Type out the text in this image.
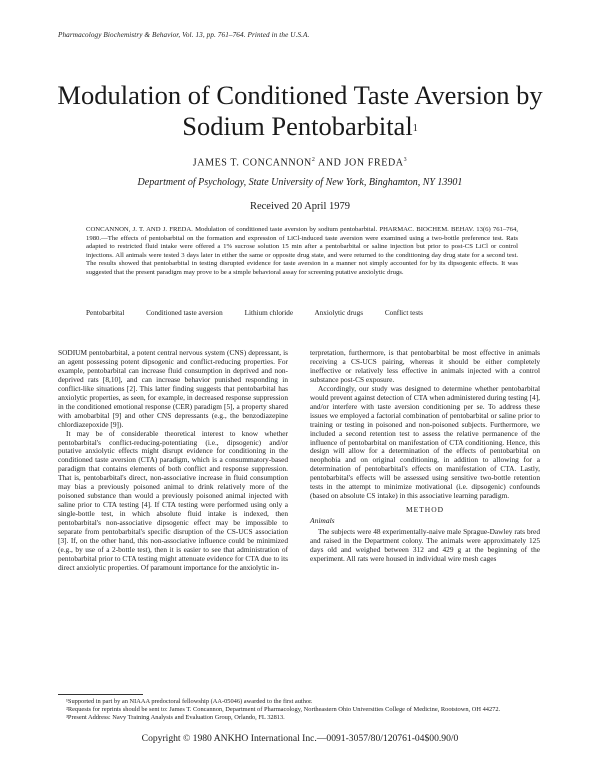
Pharmacology Biochemistry & Behavior, Vol. 13, pp. 761–764. Printed in the U.S.A.
Modulation of Conditioned Taste Aversion by
Sodium Pentobarbital$^1$
JAMES T. CONCANNON$^2$ AND JON FREDA$^3$
Department of Psychology, State University of New York, Binghamton, NY 13901
Received 20 April 1979

CONCANNON, J. T. AND J. FREDA. Modulation of conditioned taste aversion by sodium pentobarbital. PHARMAC. BIOCHEM. BEHAV. 13(6) 761–764, 1980.—The effects of pentobarbital on the formation and expression of LiCl-induced taste aversion were examined using a two-bottle preference test. Rats adapted to restricted fluid intake were offered a 1% sucrose solution 15 min after a pentobarbital or saline injection but prior to post-CS LiCl or control injections. All animals were tested 3 days later in either the same or opposite drug state, and were returned to the conditioning day drug state for a second test. The results showed that pentobarbital in testing disrupted evidence for taste aversion in a manner not simply accounted for by its dipsogenic effects. It was suggested that the present paradigm may prove to be a simple behavioral assay for screening putative anxiolytic drugs.

Pentobarbital	Conditioned taste aversion	Lithium chloride	Anxiolytic drugs	Conflict tests

SODIUM pentobarbital, a potent central nervous system (CNS) depressant, is an agent possessing potent dipsogenic and conflict-reducing properties. For example, pentobarbital can increase fluid consumption in deprived and non-deprived rats [8,10], and can increase behavior punished responding in conflict-like situations [2]. This latter finding suggests that pentobarbital has anxiolytic properties, as seen, for example, in decreased response suppression in the conditioned emotional response (CER) paradigm [5], a property shared with amobarbital [9] and other CNS depressants (e.g., the benzodiazepine chlordiazepoxide [9]).

It may be of considerable theoretical interest to know whether pentobarbital's conflict-reducing-potentiating (i.e., dipsogenic) and/or putative anxiolytic effects might disrupt evidence for conditioning in the conditioned taste aversion (CTA) paradigm, which is a consummatory-based paradigm that contains elements of both conflict and response suppression. That is, pentobarbital's direct, non-associative increase in fluid consumption may bias a previously poisoned animal to drink relatively more of the poisoned substance than would a previously poisoned animal injected with saline prior to CTA testing [4]. If CTA testing were performed using only a single-bottle test, in which absolute fluid intake is indexed, then pentobarbital's non-associative dipsogenic effect may be impossible to separate from pentobarbital's specific disruption of the CS-UCS association [3]. If, on the other hand, this non-associative influence could be minimized (e.g., by use of a 2-bottle test), then it is easier to see that administration of pentobarbital prior to CTA testing might attenuate evidence for CTA due to its direct anxiolytic properties. Of paramount importance for the anxiolytic in-

terpretation, furthermore, is that pentobarbital be most effective in animals receiving a CS-UCS pairing, whereas it should be either completely ineffective or relatively less effective in animals injected with a control substance post-CS exposure.

Accordingly, our study was designed to determine whether pentobarbital would prevent against detection of CTA when administered during testing [4], and/or interfere with taste aversion conditioning per se. To address these issues we employed a factorial combination of pentobarbital or saline prior to training or testing in poisoned and non-poisoned subjects. Furthermore, we included a second retention test to assess the relative permanence of the influence of pentobarbital on manifestation of CTA conditioning. Hence, this design will allow for a determination of the effects of pentobarbital on neophobia and on original conditioning, in addition to allowing for a determination of pentobarbital's effects on manifestation of CTA. Lastly, pentobarbital's effects will be assessed using sensitive two-bottle retention tests in the attempt to minimize motivational (i.e. dipsogenic) confounds (based on absolute CS intake) in this associative learning paradigm.

METHOD
Animals

The subjects were 48 experimentally-naive male Sprague-Dawley rats bred and raised in the Department colony. The animals were approximately 125 days old and weighed between 312 and 429 g at the beginning of the experiment. All rats were housed in individual wire mesh cages

¹Supported in part by an NIAAA predoctoral fellowship (AA-05046) awarded to the first author.
²Requests for reprints should be sent to: James T. Concannon, Department of Pharmacology, Northeastern Ohio Universities College of Medicine, Rootstown, OH 44272.
³Present Address: Navy Training Analysis and Evaluation Group, Orlando, FL 32813.
Copyright © 1980 ANKHO International Inc.—0091-3057/80/120761-04$00.90/0
